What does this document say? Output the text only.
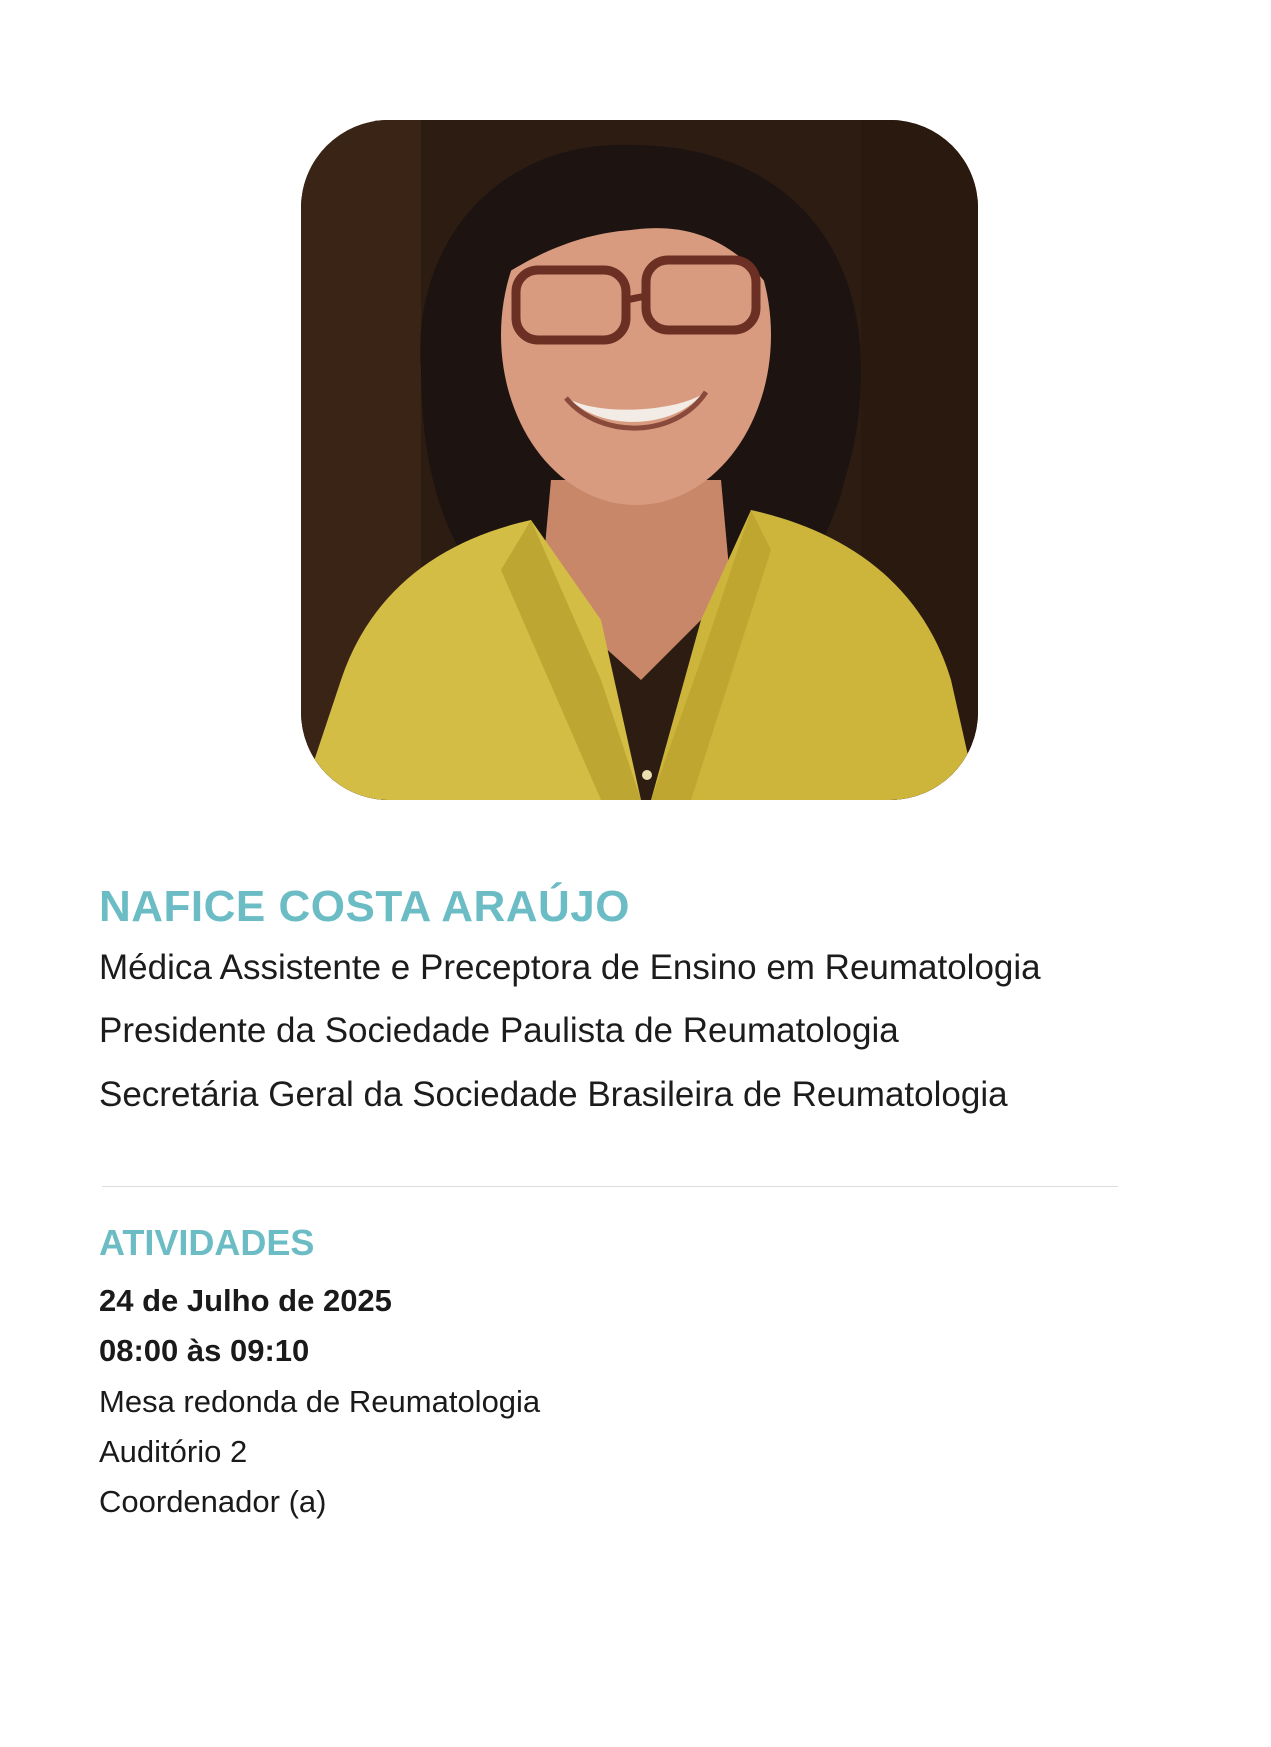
NAFICE COSTA ARAÚJO
Médica Assistente e Preceptora de Ensino em Reumatologia
Presidente da Sociedade Paulista de Reumatologia
Secretária Geral da Sociedade Brasileira de Reumatologia
ATIVIDADES
24 de Julho de 2025
08:00 às 09:10
Mesa redonda de Reumatologia
Auditório 2
Coordenador (a)
